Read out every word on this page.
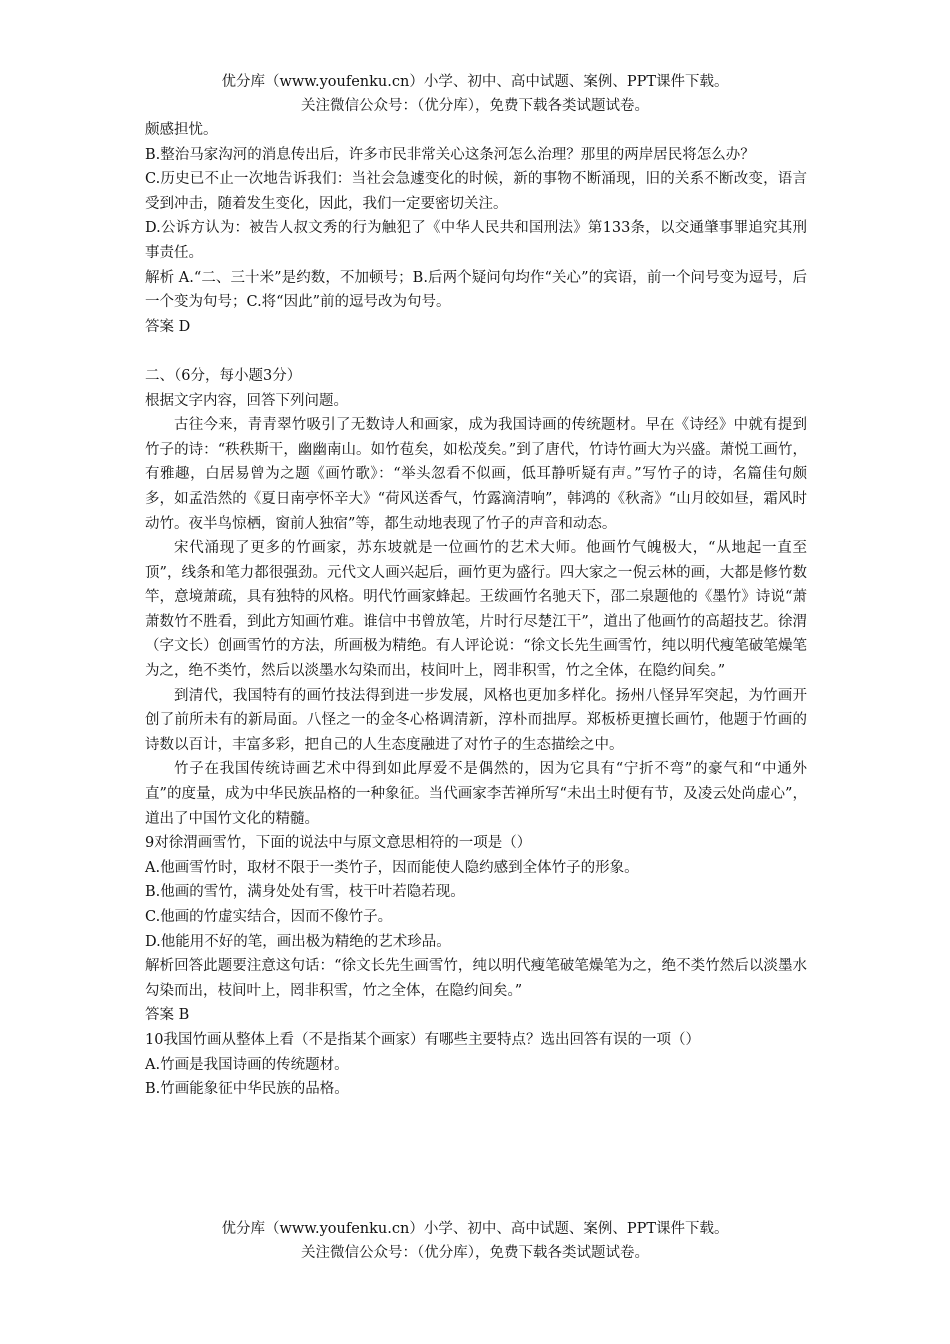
优分库（www.youfenku.cn）小学、初中、高中试题、案例、PPT课件下载。
关注微信公众号：（优分库），免费下载各类试题试卷。

颇感担忧。

B.整治马家沟河的消息传出后，许多市民非常关心这条河怎么治理？那里的两岸居民将怎么办？

C.历史已不止一次地告诉我们：当社会急遽变化的时候，新的事物不断涌现，旧的关系不断改变，语言受到冲击，随着发生变化，因此，我们一定要密切关注。

D.公诉方认为：被告人叔文秀的行为触犯了《中华人民共和国刑法》第133条，以交通肇事罪追究其刑事责任。

解析 A.“二、三十米”是约数，不加顿号；B.后两个疑问句均作“关心”的宾语，前一个问号变为逗号，后一个变为句号；C.将“因此”前的逗号改为句号。

答案 D

二、（6分，每小题3分）

根据文字内容，回答下列问题。

古往今来，青青翠竹吸引了无数诗人和画家，成为我国诗画的传统题材。早在《诗经》中就有提到竹子的诗：“秩秩斯干，幽幽南山。如竹苞矣，如松茂矣。”到了唐代，竹诗竹画大为兴盛。萧悦工画竹，有雅趣，白居易曾为之题《画竹歌》：“举头忽看不似画，低耳静听疑有声。”写竹子的诗，名篇佳句颇多，如孟浩然的《夏日南亭怀辛大》“荷风送香气，竹露滴清响”，韩鸿的《秋斋》“山月皎如昼，霜风时动竹。夜半鸟惊栖，窗前人独宿”等，都生动地表现了竹子的声音和动态。

宋代涌现了更多的竹画家，苏东坡就是一位画竹的艺术大师。他画竹气魄极大，“从地起一直至顶”，线条和笔力都很强劲。元代文人画兴起后，画竹更为盛行。四大家之一倪云林的画，大都是修竹数竿，意境萧疏，具有独特的风格。明代竹画家蜂起。王绂画竹名驰天下，邵二泉题他的《墨竹》诗说“萧萧数竹不胜看，到此方知画竹难。谁信中书曾放笔，片时行尽楚江干”，道出了他画竹的高超技艺。徐渭（字文长）创画雪竹的方法，所画极为精绝。有人评论说：“徐文长先生画雪竹，纯以明代瘦笔破笔燥笔为之，绝不类竹，然后以淡墨水勾染而出，枝间叶上，罔非积雪，竹之全体，在隐约间矣。”

到清代，我国特有的画竹技法得到进一步发展，风格也更加多样化。扬州八怪异军突起，为竹画开创了前所未有的新局面。八怪之一的金冬心格调清新，淳朴而拙厚。郑板桥更擅长画竹，他题于竹画的诗数以百计，丰富多彩，把自己的人生态度融进了对竹子的生态描绘之中。

竹子在我国传统诗画艺术中得到如此厚爱不是偶然的，因为它具有“宁折不弯”的豪气和“中通外直”的度量，成为中华民族品格的一种象征。当代画家李苦禅所写“未出土时便有节，及凌云处尚虚心”，道出了中国竹文化的精髓。

9对徐渭画雪竹，下面的说法中与原文意思相符的一项是（）

A.他画雪竹时，取材不限于一类竹子，因而能使人隐约感到全体竹子的形象。

B.他画的雪竹，满身处处有雪，枝干叶若隐若现。

C.他画的竹虚实结合，因而不像竹子。

D.他能用不好的笔，画出极为精绝的艺术珍品。

解析回答此题要注意这句话：“徐文长先生画雪竹，纯以明代瘦笔破笔燥笔为之，绝不类竹然后以淡墨水勾染而出，枝间叶上，罔非积雪，竹之全体，在隐约间矣。”

答案 B

10我国竹画从整体上看（不是指某个画家）有哪些主要特点？选出回答有误的一项（）

A.竹画是我国诗画的传统题材。

B.竹画能象征中华民族的品格。

优分库（www.youfenku.cn）小学、初中、高中试题、案例、PPT课件下载。
关注微信公众号：（优分库），免费下载各类试题试卷。
